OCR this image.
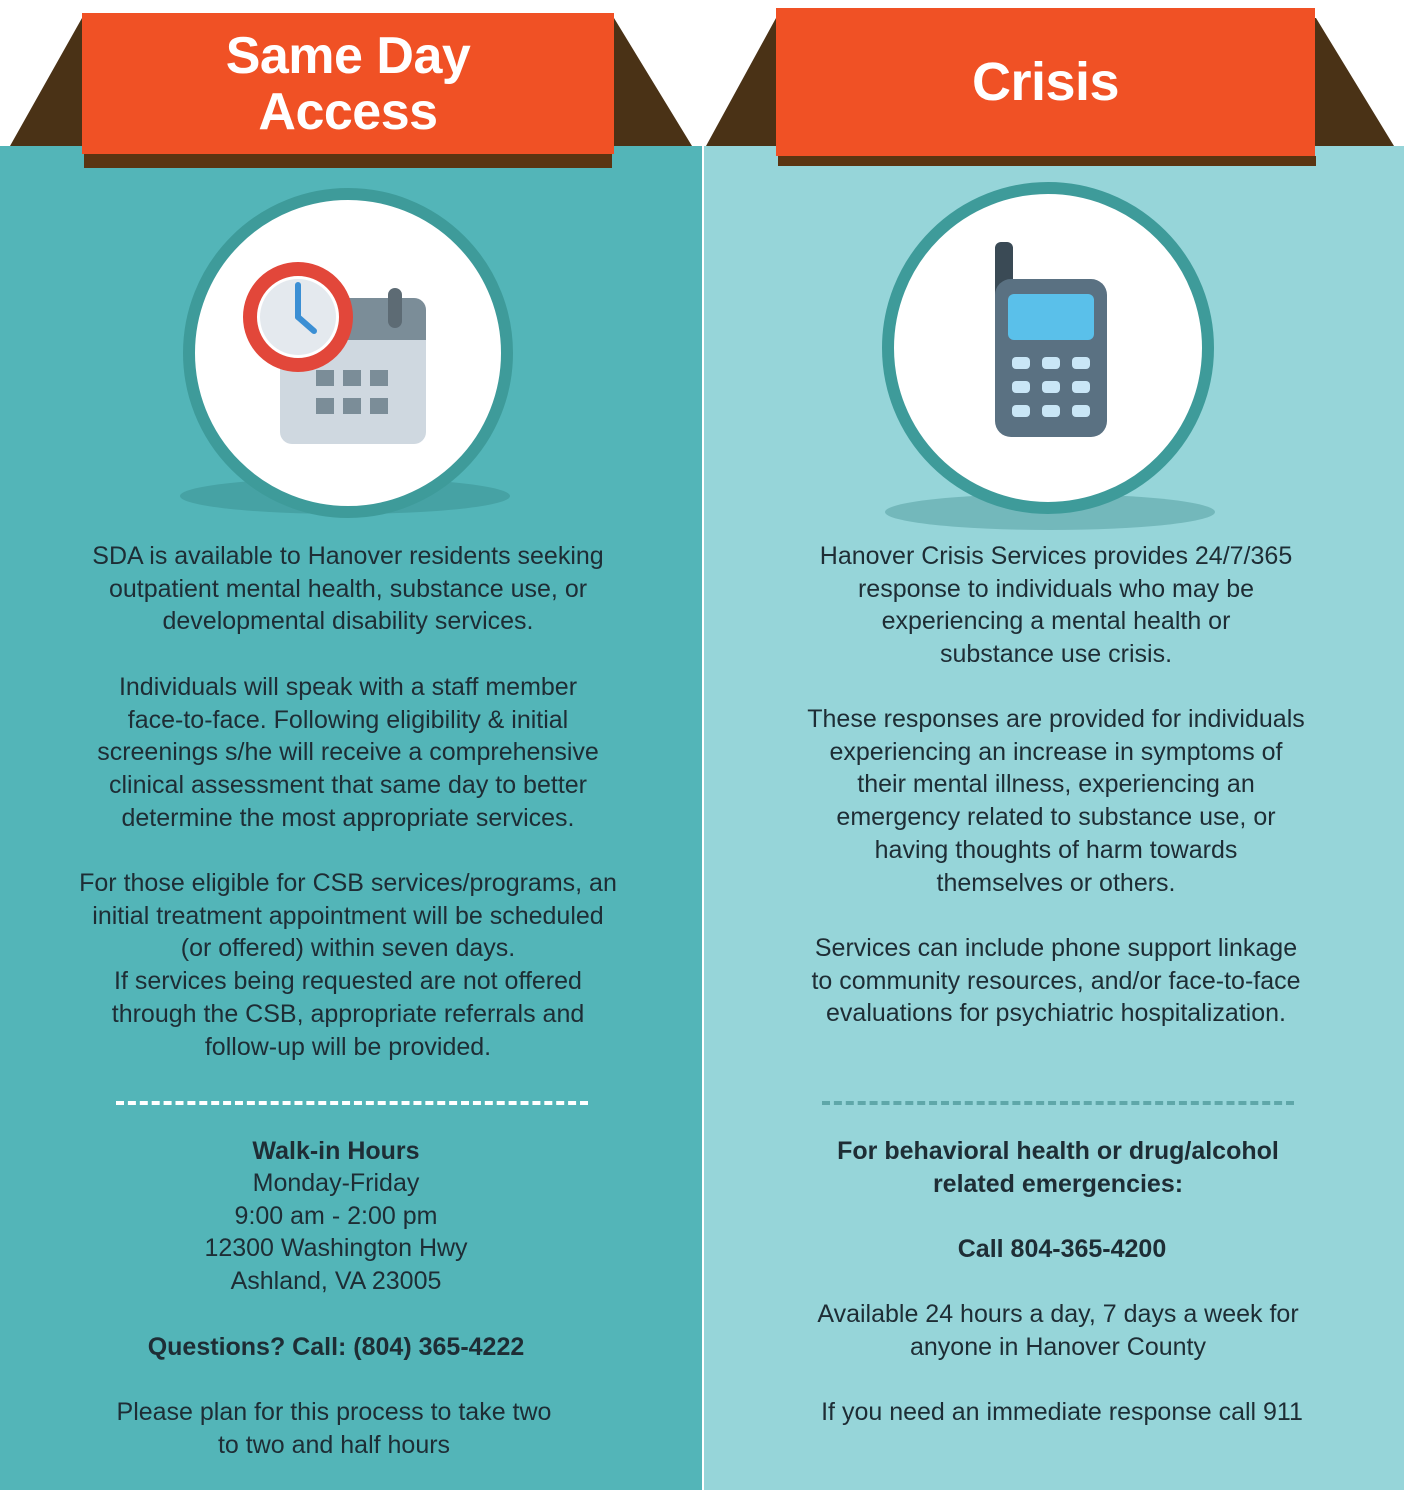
Same Day
Access	Crisis

SDA is available to Hanover residents seeking
outpatient mental health, substance use, or
developmental disability services.

Individuals will speak with a staff member
face-to-face. Following eligibility & initial
screenings s/he will receive a comprehensive
clinical assessment that same day to better
determine the most appropriate services.

For those eligible for CSB services/programs, an
initial treatment appointment will be scheduled
(or offered) within seven days.
If services being requested are not offered
through the CSB, appropriate referrals and
follow-up will be provided.

Walk-in Hours

Monday-Friday
9:00 am - 2:00 pm
12300 Washington Hwy
Ashland, VA 23005

Questions? Call: (804) 365-4222

Please plan for this process to take two
to two and half hours

Hanover Crisis Services provides 24/7/365
response to individuals who may be
experiencing a mental health or
substance use crisis.

These responses are provided for individuals
experiencing an increase in symptoms of
their mental illness, experiencing an
emergency related to substance use, or
having thoughts of harm towards
themselves or others.

Services can include phone support linkage
to community resources, and/or face-to-face
evaluations for psychiatric hospitalization.

For behavioral health or drug/alcohol
related emergencies:

Call 804-365-4200

Available 24 hours a day, 7 days a week for
anyone in Hanover County

If you need an immediate response call 911
